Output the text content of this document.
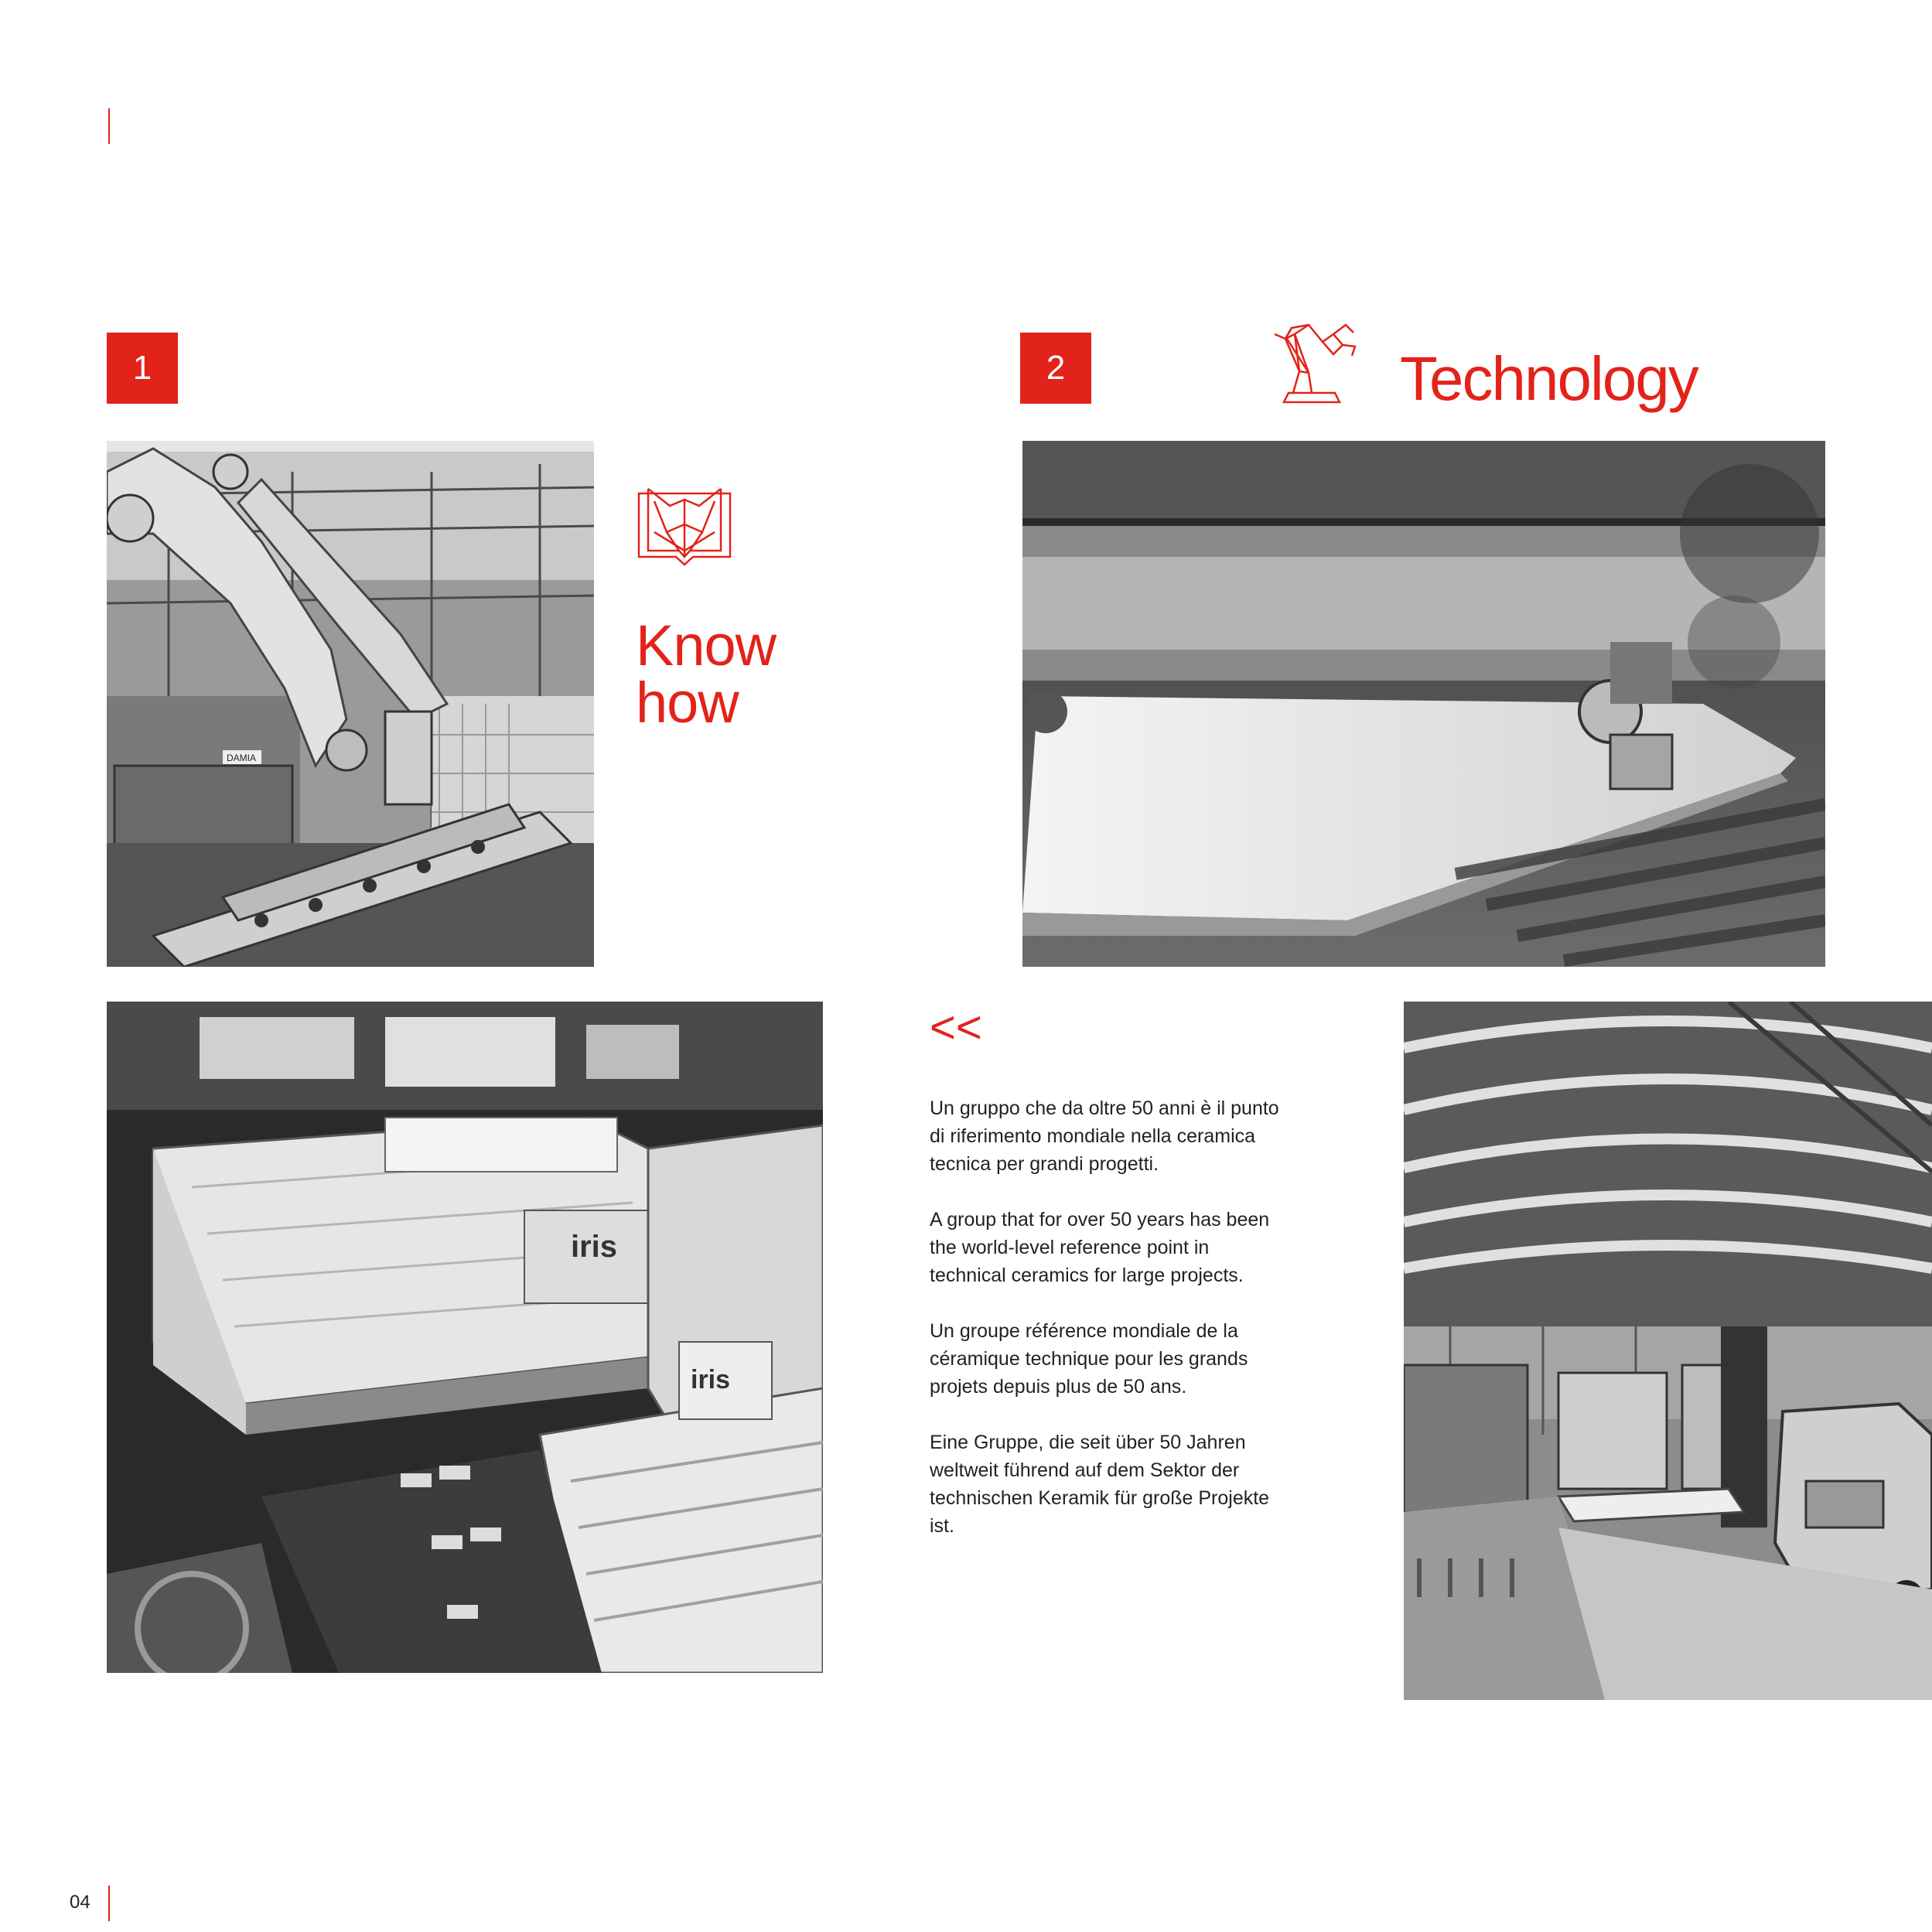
1	2	Technology
DAMIA
Know
how
iris
iris
<<

Un gruppo che da oltre 50 anni è il punto di riferimento mondiale nella ceramica tecnica per grandi progetti.

A group that for over 50 years has been the world-level reference point in technical ceramics for large projects.

Un groupe référence mondiale de la céramique technique pour les grands projets depuis plus de 50 ans.

Eine Gruppe, die seit über 50 Jahren weltweit führend auf dem Sektor der technischen Keramik für große Projekte ist.

04
